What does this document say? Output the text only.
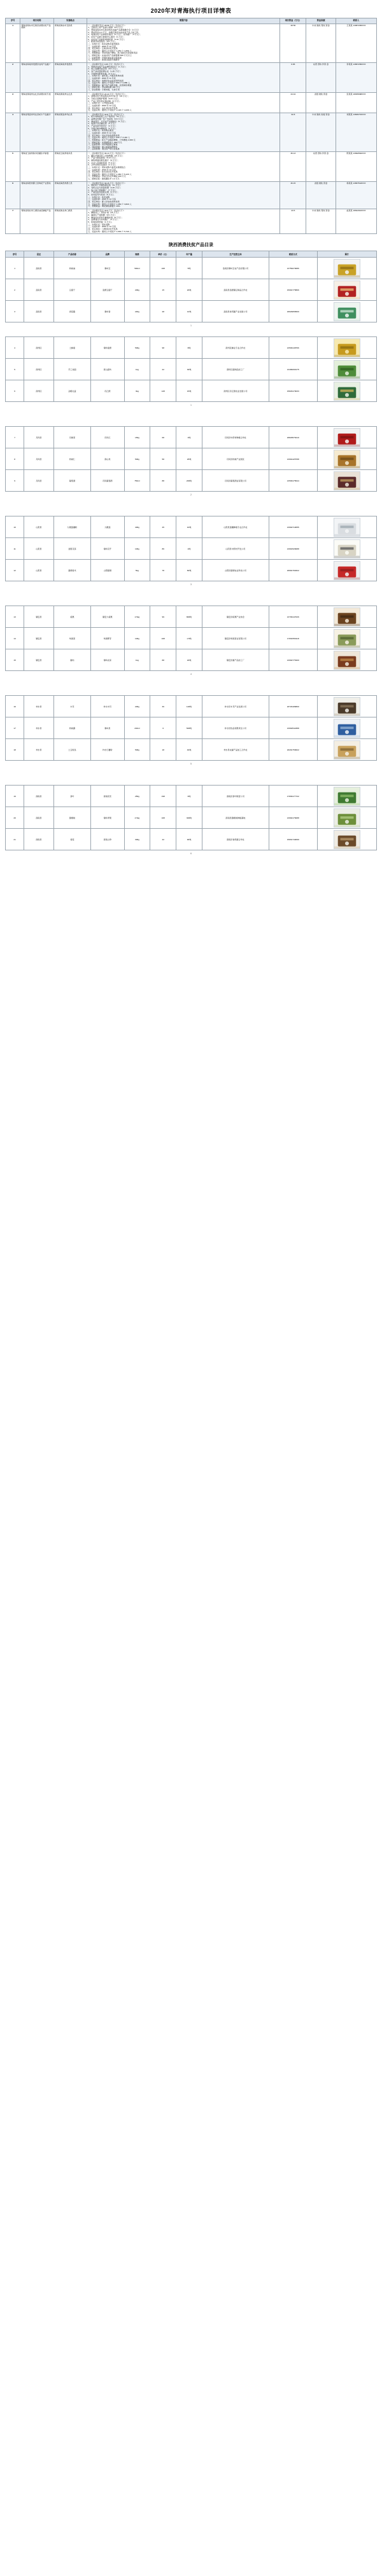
2020年对青海执行项目详情表
序号	项目名称	实施地点	简要内容	项目资金（万元）	资金来源	联系人
1	青海省海东市互助县消费扶贫产品展销	青海省海东市互助县	一、活动简介及总 28.56 万元（包含以下）：
1、互助县土特产品展示展销（8.5 万元）
2、青海省海东市互助县特色农副产品展销推介会（4 万元）
3、帮扶资金 0.3 万元，协助互助县完成扶贫产品上线工作；
4、电商扶贫产品体验店建设（5 万元）；宣传推广（3 万元）；
5、扶贫产品展示展销中心建设（4 万元）；
6、扶贫农产品销售渠道拓展（3.76 万元）；
7、配套设施及服务（0.5 万元）。
二、实施方式：政府采购及委托服务
三、完成时间：2020 年 12 月底
四、责任单位：互助县扶贫开发局
五、受益对象：建档立卡贫困户 1,252 户 4,356 人
六、预期效益：带动贫困户增收，助力脱贫攻坚成果巩固
七、绩效目标：完成扶贫产品销售额 500 万元以上
八、监督管理：县级纪委监委全程监督
九、资金拨付：按项目进度分期拨付
	28.56	中央 财政 帮扶 资金	王某某 13987265XXX
2	青海省海南州贵德县农特产品推广	青海省海南州贵德县	一、活动简介及总 9.65 万元（包含以下）：
1、贵德县农特产品品牌包装设计（2 万元）；
2、线上直播带货活动（3.2 万元）；
3、农产品质量检测认证（1.45 万元）；
4、冷链物流配套补贴（3 万元）。
二、实施方式：委托第三方服务机构实施
三、完成时间：2020 年 11 月底
四、责任单位：贵德县农业农村和科技局
五、受益对象：建档立卡贫困户 860 户 2,980 人
六、预期效益：提升农产品附加值，拓宽销售渠道
七、绩效目标：带动销售额 300 万元
八、资金管理：专账核算，专款专用
	9.65	东西 部协 作资 金	李某某 13897256XXX
3	青海省黄南州尖扎县消费扶贫专柜	青海省黄南州尖扎县	一、活动简介及总 24.44 万元（包含以下）：
1、消费扶贫专柜采购及布设 60 台（18 万元）；
2、专柜运营维护管理（3.44 万元）；
3、产品上架及供应链对接（3 万元）。
二、实施方式：公开招标采购
三、完成时间：2020 年 12 月底
四、责任单位：尖扎县扶贫开发局
五、受益对象：建档立卡贫困户 1,120 户 4,230 人
	24.44	省级 财政 资金	张某某 18935688XXX
4	青海省果洛州玛沁县牦牛产品推介	青海省果洛州玛沁县	一、活动简介及总 32.8 万元（包含以下）：
1、牦牛肉制品加工生产线改造（12 万元）；
2、品牌宣传推广及广告投放（6.8 万元）；
3、参加西安、北京农产品展销会（5 万元）；
4、电商平台店铺运营（4 万元）；
5、产品包装升级设计（3 万元）；
6、冷链运输车辆租赁（2 万元）。
二、实施方式：政府购买服务
三、完成时间：2020 年 12 月底
四、责任单位：玛沁县农牧和科技局
五、受益对象：建档立卡贫困户 930 户 3,410 人
六、预期效益：牦牛产业提质增效，户均增收 2,000 元
七、绩效目标：实现销售收入 800 万元
八、监督管理：州县两级联合督查
九、风险防控：建立质量追溯体系
十、后续管理：项目资产移交村集体
	32.8	中央 财政 衔接 资金	刘某某 13609715XXX
5	青海省玉树州称多县藏系羊销售	青海省玉树州称多县	一、活动简介及总 36.13 万元（包含以下）：
1、藏系羊屠宰加工设备购置（15 万元）；
2、产品分割包装线（6.13 万元）；
3、销售渠道拓展及推介（8 万元）；
4、从业人员技能培训（3 万元）；
5、合作社规范化建设（4 万元）。
二、实施方式：招标采购与委托实施相结合
三、完成时间：2020 年 12 月底
四、责任单位：称多县扶贫开发局
五、受益对象：建档立卡贫困户 1,460 户 5,120 人
六、预期效益：带动合作社年增收 200 万元
七、绩效目标：销售藏系羊 1.2 万只
	36.13	东西 部协 作资 金	陈某某 13992562XXX
6	青海省海西州都兰县枸杞产业帮扶	青海省海西州都兰县	一、活动简介及总 30.15 万元（包含以下）：
1、枸杞烘干设备购置安装（11 万元）；
2、有机认证与质量检测（4.15 万元）；
3、线上线下营销推广（7 万元）；
4、产品包装及商标注册（3 万元）；
5、技术指导与培训（5 万元）。
二、实施方式：政府采购
三、完成时间：2020 年 12 月底
四、责任单位：都兰县农牧和科技局
五、受益对象：建档立卡贫困户 1,050 户 3,820 人
六、预期效益：枸杞销售额提升 30%
	30.15	省级 财政 资金	杨某某 13897543XXX
7	青海省海北州门源县油菜蜂蜜产品	青海省海北州门源县	一、活动简介及总 43.5 万元（包含以下）：
1、蜂蜜加工厂房改扩建（16 万元）；
2、灌装生产线购置（9.5 万元）；
3、蜂农技术培训与蜂箱补贴（8 万元）；
4、品牌建设与市场推广（6 万元）；
5、检验检测设备（4 万元）。
二、实施方式：招标采购
三、完成时间：2020 年 12 月底
四、责任单位：门源县扶贫开发局
五、受益对象：建档立卡贫困户 1,630 户 5,740 人
	43.5	中央 财政 帮扶 资金	赵某某 18642916XXX
陕西消费扶贫产品目录
序号	县区	产品名称	品牌	规格	单价（元）	年产量	生产经营主体	联系方式	图片
1	洛南县	核桃油	秦岭宝	500ml	168	5吨	洛南县秦岭宝农产品有限公司	13759270086	

2	洛南县	豆腐干	洛源豆腐干	200g	15	20吨	洛南县洛源镇豆制品合作社	15991775866	

3	洛南县	香菇酱	秦岭香	240g	28	12吨	洛南县食用菌产业发展公司	18629056500	
1
4	商州区	土蜂蜜	秦岭蜜源	500g	98	8吨	商州区蜂业专业合作社	13509148766	

5	商州区	手工挂面	商山面坊	1kg	22	30吨	商州区面制品加工厂	13468290175	

6	商州区	杂粮礼盒	丹江源	3kg	128	15吨	商州区丹江源农业发展公司	15829170033	
1
7	丹凤县	丹参茶	丹凤红	150g	68	3吨	丹凤县中药材种植合作社	18829576210	

8	丹凤县	核桃仁	商山核	500g	58	25吨	丹凤县核桃产业园区	13991425788	

9	丹凤县	葡萄酒	丹凤葡萄酒	750ml	88	200吨	丹凤县葡萄酒业有限公司	13509175644	
2
10	山阳县	九眼莲藕粉	九眼莲	400g	45	10吨	山阳县莲藕种植专业合作社	13992710055	

11	山阳县	金银花茶	秦岭花开	100g	86	2吨	山阳县中药材开发公司	13991526088	

12	山阳县	富硒香米	山阳富硒	5kg	78	60吨	山阳县富硒农业科技公司	18991760322	
3
13	镇安县	板栗	镇安大板栗	2.5kg	99	800吨	镇安县板栗产业协会	13709147026	

14	镇安县	象园茶	象园雾芽	100g	168	1.5吨	镇安县象园茶业有限公司	17691550118	

15	镇安县	腊肉	秦岭农家	1kg	88	18吨	镇安县畜产品加工厂	13992775400	
4
16	柞水县	木耳	柞水木耳	200g	36	120吨	柞水县木耳产业发展公司	18729186800	

17	柞水县	核桃露	秦岭泉	240ml	6	500吨	柞水县饮品有限责任公司	13992542388	

18	柞水县	土豆粉条	柞水红薯粉	500g	18	40吨	柞水县农副产品加工合作社	18291750622	
5
19	商南县	茶叶	商南泉茗	250g	198	6吨	商南县茶叶联营公司	17809177722	

20	商南县	猕猴桃	秦岭翠果	4.5kg	108	300吨	商南县猕猴桃种植基地	13992176088	

21	商南县	香菇	商南山珍	300g	42	90吨	商南县食用菌合作社	15891740099	
6
